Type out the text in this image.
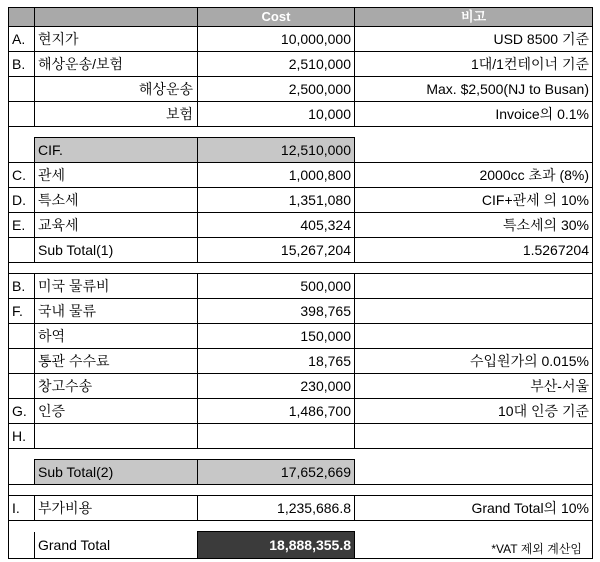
		Cost	비고
A.	현지가	10,000,000	USD 8500 기준
B.	해상운송/보험	2,510,000	1대/1컨테이너 기준
	해상운송	2,500,000	Max. $2,500(NJ to Busan)
	보험	10,000	Invoice의 0.1%

	CIF.	12,510,000	
C.	관세	1,000,800	2000cc 초과 (8%)
D.	특소세	1,351,080	CIF+관세 의 10%
E.	교육세	405,324	특소세의 30%
	Sub Total(1)	15,267,204	1.5267204

B.	미국 물류비	500,000	
F.	국내 물류	398,765	
	하역	150,000	
	통관 수수료	18,765	수입원가의 0.015%
	창고수송	230,000	부산-서울
G.	인증	1,486,700	10대 인증 기준
H.			

	Sub Total(2)	17,652,669	

I.	부가비용	1,235,686.8	Grand Total의 10%

	Grand Total	18,888,355.8		*VAT 제외 계산임
